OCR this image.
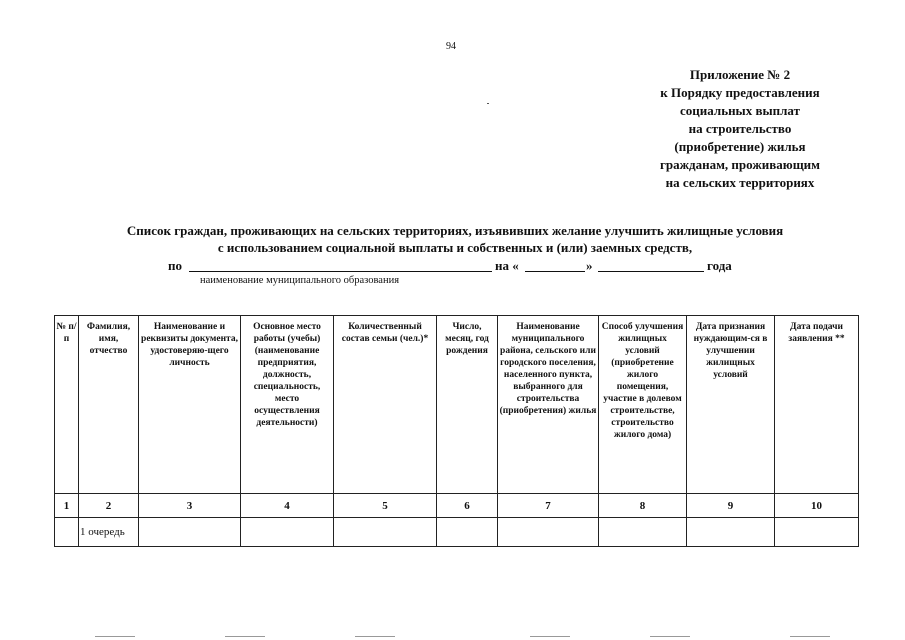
94
Приложение № 2
к Порядку предоставления
социальных выплат
на строительство
(приобретение) жилья
гражданам, проживающим
на сельских территориях
Список граждан, проживающих на сельских территориях, изъявивших желание улучшить жилищные условия
с использованием социальной выплаты и собственных и (или) заемных средств,
по	на «	»	года
наименование муниципального образования
№ п/п	Фамилия, имя, отчество	Наименование и реквизиты документа, удостоверяю-щего личность	Основное место работы (учебы) (наименование предприятия, должность, специальность, место осуществления деятельности)	Количественный состав семьи (чел.)*	Число, месяц, год рождения	Наименование муниципального района, сельского или городского поселения, населенного пункта, выбранного для строительства (приобретения) жилья	Способ улучшения жилищных условий (приобретение жилого помещения, участие в долевом строительстве, строительство жилого дома)	Дата признания нуждающим-ся в улучшении жилищных условий	Дата подачи заявления **
1	2	3	4	5	6	7	8	9	10
	1 очередь								
